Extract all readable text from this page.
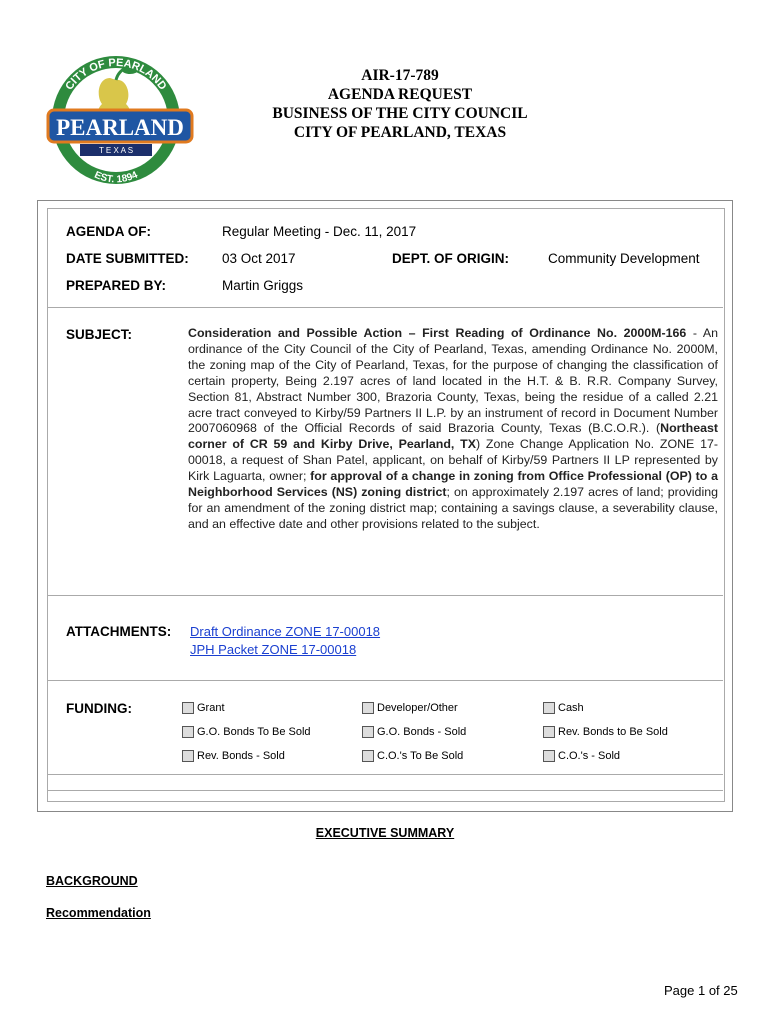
CITY OF PEARLAND
PEARLAND
T E X A S
EST. 1894
AIR-17-789
AGENDA REQUEST
BUSINESS OF THE CITY COUNCIL
CITY OF PEARLAND, TEXAS
AGENDA OF:	Regular Meeting - Dec. 11, 2017
DATE SUBMITTED: 03 Oct 2017	DEPT. OF ORIGIN:	Community Development
PREPARED BY:	Martin Griggs
SUBJECT:	Consideration and Possible Action – First Reading of Ordinance No. 2000M-166 - An ordinance of the City Council of the City of Pearland, Texas, amending Ordinance No. 2000M, the zoning map of the City of Pearland, Texas, for the purpose of changing the classification of certain property, Being 2.197 acres of land located in the H.T. & B. R.R. Company Survey, Section 81, Abstract Number 300, Brazoria County, Texas, being the residue of a called 2.21 acre tract conveyed to Kirby/59 Partners II L.P. by an instrument of record in Document Number 2007060968 of the Official Records of said Brazoria County, Texas (B.C.O.R.). (Northeast corner of CR 59 and Kirby Drive, Pearland, TX) Zone Change Application No. ZONE 17-00018, a request of Shan Patel, applicant, on behalf of Kirby/59 Partners II LP represented by Kirk Laguarta, owner; for approval of a change in zoning from Office Professional (OP) to a Neighborhood Services (NS) zoning district; on approximately 2.197 acres of land; providing for an amendment of the zoning district map; containing a savings clause, a severability clause, and an effective date and other provisions related to the subject.
ATTACHMENTS: Draft Ordinance ZONE 17-00018
JPH Packet ZONE 17-00018
FUNDING:	Grant	Developer/Other	Cash
G.O. Bonds To Be Sold	G.O. Bonds - Sold	Rev. Bonds to Be Sold
Rev. Bonds - Sold	C.O.'s To Be Sold	C.O.'s - Sold
EXECUTIVE SUMMARY
BACKGROUND
Recommendation
Page 1 of 25
